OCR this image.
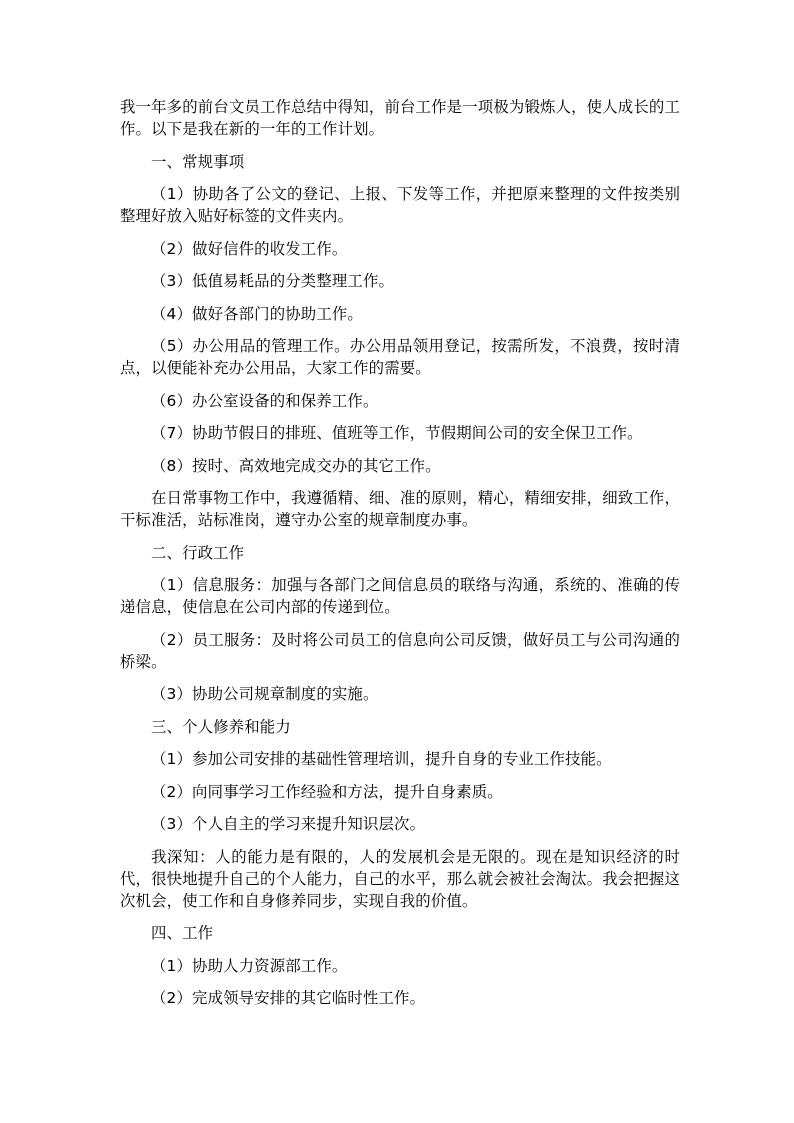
我一年多的前台文员工作总结中得知，前台工作是一项极为锻炼人，使人成长的工作。以下是我在新的一年的工作计划。

一、常规事项

（1）协助各了公文的登记、上报、下发等工作，并把原来整理的文件按类别整理好放入贴好标签的文件夹内。

（2）做好信件的收发工作。

（3）低值易耗品的分类整理工作。

（4）做好各部门的协助工作。

（5）办公用品的管理工作。办公用品领用登记，按需所发，不浪费，按时清点，以便能补充办公用品，大家工作的需要。

（6）办公室设备的和保养工作。

（7）协助节假日的排班、值班等工作，节假期间公司的安全保卫工作。

（8）按时、高效地完成交办的其它工作。

在日常事物工作中，我遵循精、细、准的原则，精心，精细安排，细致工作，干标准活，站标准岗，遵守办公室的规章制度办事。

二、行政工作

（1）信息服务：加强与各部门之间信息员的联络与沟通，系统的、准确的传递信息，使信息在公司内部的传递到位。

（2）员工服务：及时将公司员工的信息向公司反馈，做好员工与公司沟通的桥梁。

（3）协助公司规章制度的实施。

三、个人修养和能力

（1）参加公司安排的基础性管理培训，提升自身的专业工作技能。

（2）向同事学习工作经验和方法，提升自身素质。

（3）个人自主的学习来提升知识层次。

我深知：人的能力是有限的，人的发展机会是无限的。现在是知识经济的时代，很快地提升自己的个人能力，自己的水平，那么就会被社会淘汰。我会把握这次机会，使工作和自身修养同步，实现自我的价值。

四、工作

（1）协助人力资源部工作。

（2）完成领导安排的其它临时性工作。
